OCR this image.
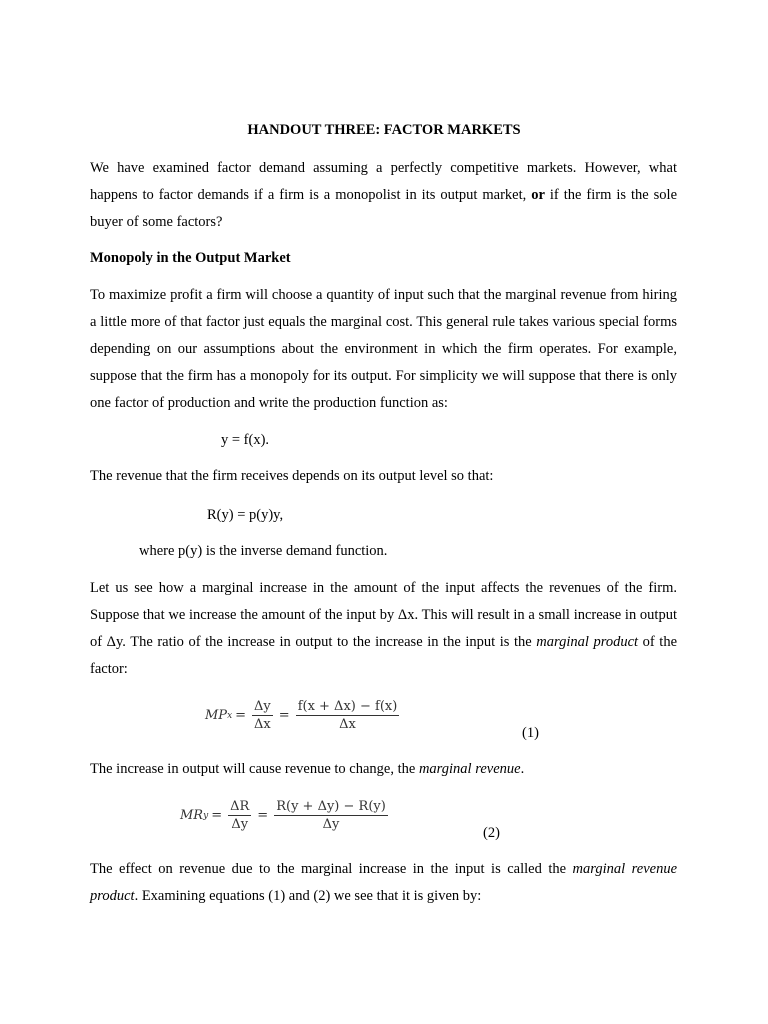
HANDOUT THREE: FACTOR MARKETS
We have examined factor demand assuming a perfectly competitive markets. However, what happens to factor demands if a firm is a monopolist in its output market, or if the firm is the sole buyer of some factors?
Monopoly in the Output Market
To maximize profit a firm will choose a quantity of input such that the marginal revenue from hiring a little more of that factor just equals the marginal cost. This general rule takes various special forms depending on our assumptions about the environment in which the firm operates. For example, suppose that the firm has a monopoly for its output. For simplicity we will suppose that there is only one factor of production and write the production function as:
y = f(x).
The revenue that the firm receives depends on its output level so that:
R(y) = p(y)y,
where p(y) is the inverse demand function.
Let us see how a marginal increase in the amount of the input affects the revenues of the firm. Suppose that we increase the amount of the input by Δx. This will result in a small increase in output of Δy. The ratio of the increase in output to the increase in the input is the marginal product of the factor:
MP $x = \frac{\Delta y}{\Delta x} = \frac{f(x + \Delta x) - f(x)}{\Delta x}$
(1)
The increase in output will cause revenue to change, the marginal revenue.
MR $y = \frac{\Delta R}{\Delta y} = \frac{R(y + \Delta y) - R(y)}{\Delta y}$
(2)
The effect on revenue due to the marginal increase in the input is called the marginal revenue product. Examining equations (1) and (2) we see that it is given by:
